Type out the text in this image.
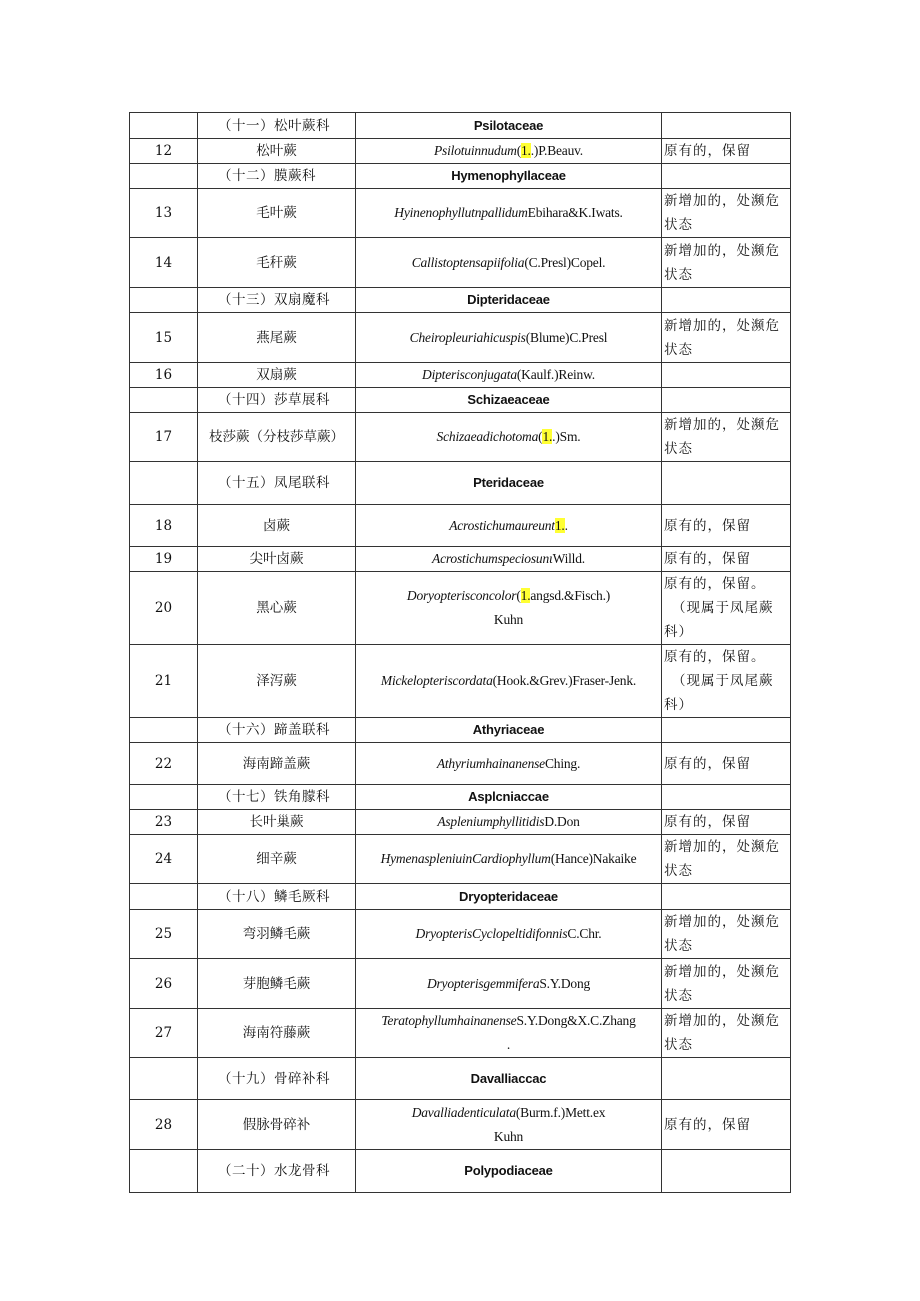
	（十一）松叶蕨科	Psilotaceae	
12	松叶蕨	Psilotuinnudum(1..)P.Beauv.	原有的，保留

	（十二）膜蕨科	HymenophyIlaceae	
13	毛叶蕨	HyinenophyllutnpallidumEbihara&K.Iwats.	新增加的，处濒危
状态

14	毛秆蕨	Callistoptensapiifolia(C.Presl)Copel.	新增加的，处濒危
状态

	（十三）双扇魔科	Dipteridaceae	
15	燕尾蕨	Cheiropleuriahicuspis(Blume)C.Presl	新增加的，处濒危
状态

16	双扇蕨	Dipterisconjugata(Kaulf.)Reinw.	
	（十四）莎草展科	Schizaeaceae	
17	枝莎蕨（分枝莎草蕨）	Schizaeadichotoma(1..)Sm.	新增加的，处濒危
状态

	（十五）凤尾联科	Pteridaceae	
18	卤蕨	Acrostichumaureunt1..	原有的，保留

19	尖叶卤蕨	AcrostichumspeciosunιWilld.	原有的，保留

20	黑心蕨	Doryopterisconcolor(1.angsd.&Fisch.)
Kuhn	原有的，保留。
（现属于凤尾蕨
科）

21	泽泻蕨	Mickelopteriscordata(Hook.&Grev.)Fraser-Jenk.	原有的，保留。
（现属于凤尾蕨
科）

	（十六）蹄盖联科	Athyriaceae	
22	海南蹄盖蕨	AthyriumhainanenseChing.	原有的，保留

	（十七）铁角朦科	Asplcniaccae	
23	长叶巢蕨	AspleniumphyllitidisD.Don	原有的，保留

24	细辛蕨	HymenaspleniuinCardiophyllum(Hance)Nakaike	新增加的，处濒危
状态

	（十八）鳞毛厥科	Dryopteridaceae	
25	弯羽鳞毛蕨	DryopterisCyclopeltidifonnisC.Chr.	新增加的，处濒危
状态

26	芽胞鳞毛蕨	DryopterisgemmiferaS.Y.Dong	新增加的，处濒危
状态

27	海南符藤蕨	TeratophyllumhainanenseS.Y.Dong&X.C.Zhang
.	新增加的，处濒危
状态

	（十九）骨碎补科	Davalliaccac	
28	假脉骨碎补	Davalliadenticulata(Burm.f.)Mett.ex
Kuhn	原有的，保留

	（二十）水龙骨科	Polypodiaceae	
